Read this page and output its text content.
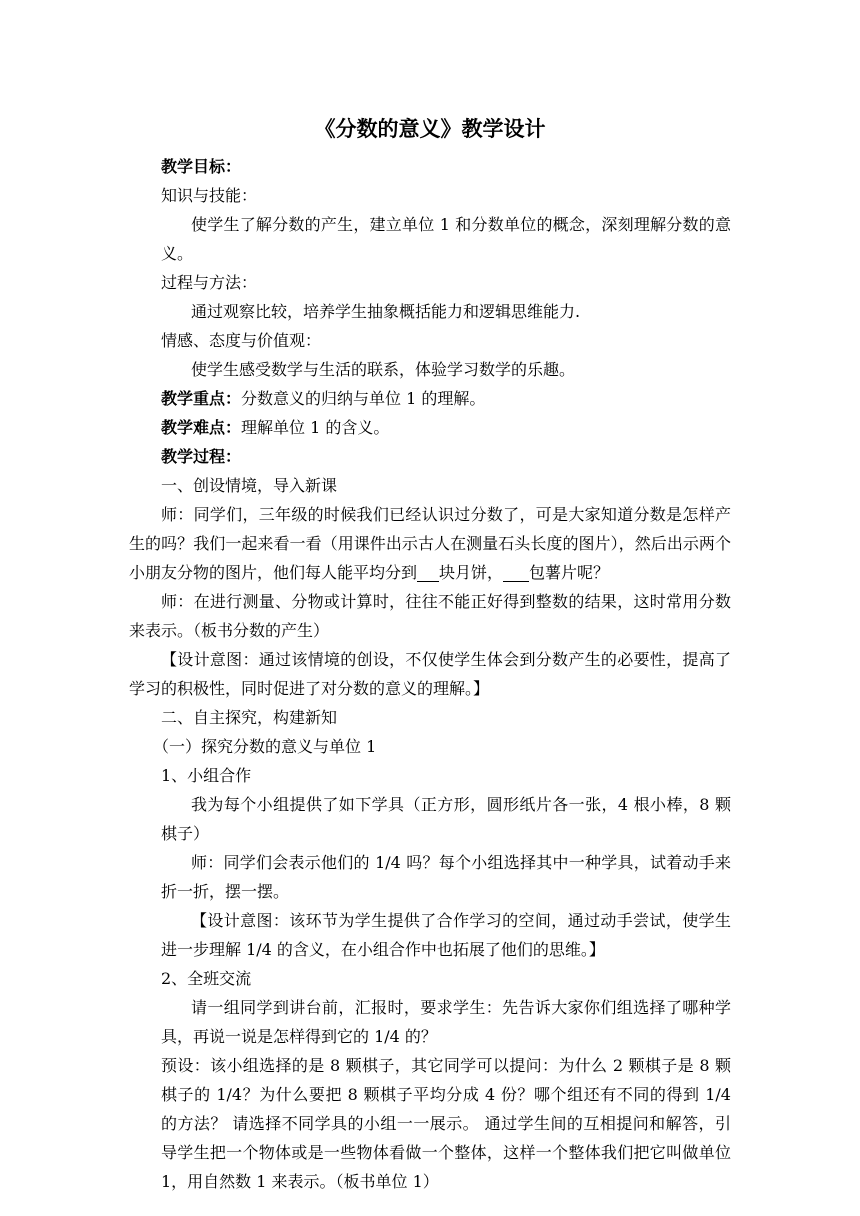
《分数的意义》教学设计

教学目标：

知识与技能：

使学生了解分数的产生，建立单位 1 和分数单位的概念，深刻理解分数的意义。

过程与方法：

通过观察比较，培养学生抽象概括能力和逻辑思维能力.

情感、态度与价值观：

使学生感受数学与生活的联系，体验学习数学的乐趣。

教学重点：分数意义的归纳与单位 1 的理解。

教学难点：理解单位 1 的含义。

教学过程：

一、创设情境，导入新课

师：同学们，三年级的时候我们已经认识过分数了，可是大家知道分数是怎样产生的吗？我们一起来看一看（用课件出示古人在测量石头长度的图片），然后出示两个小朋友分物的图片，他们每人能平均分到 块月饼， 包薯片呢？

师：在进行测量、分物或计算时，往往不能正好得到整数的结果，这时常用分数来表示。（板书分数的产生）

【设计意图：通过该情境的创设，不仅使学生体会到分数产生的必要性，提高了学习的积极性，同时促进了对分数的意义的理解。】

二、自主探究，构建新知

（一）探究分数的意义与单位 1

1、小组合作

我为每个小组提供了如下学具（正方形，圆形纸片各一张，4 根小棒，8 颗棋子）

师：同学们会表示他们的 1/4 吗？每个小组选择其中一种学具，试着动手来折一折，摆一摆。

【设计意图：该环节为学生提供了合作学习的空间，通过动手尝试，使学生进一步理解 1/4 的含义，在小组合作中也拓展了他们的思维。】

2、全班交流

请一组同学到讲台前，汇报时，要求学生：先告诉大家你们组选择了哪种学具，再说一说是怎样得到它的 1/4 的？

预设：该小组选择的是 8 颗棋子，其它同学可以提问：为什么 2 颗棋子是 8 颗棋子的 1/4？为什么要把 8 颗棋子平均分成 4 份？哪个组还有不同的得到 1/4 的方法？ 请选择不同学具的小组一一展示。 通过学生间的互相提问和解答，引导学生把一个物体或是一些物体看做一个整体，这样一个整体我们把它叫做单位 1，用自然数 1 来表示。（板书单位 1）
